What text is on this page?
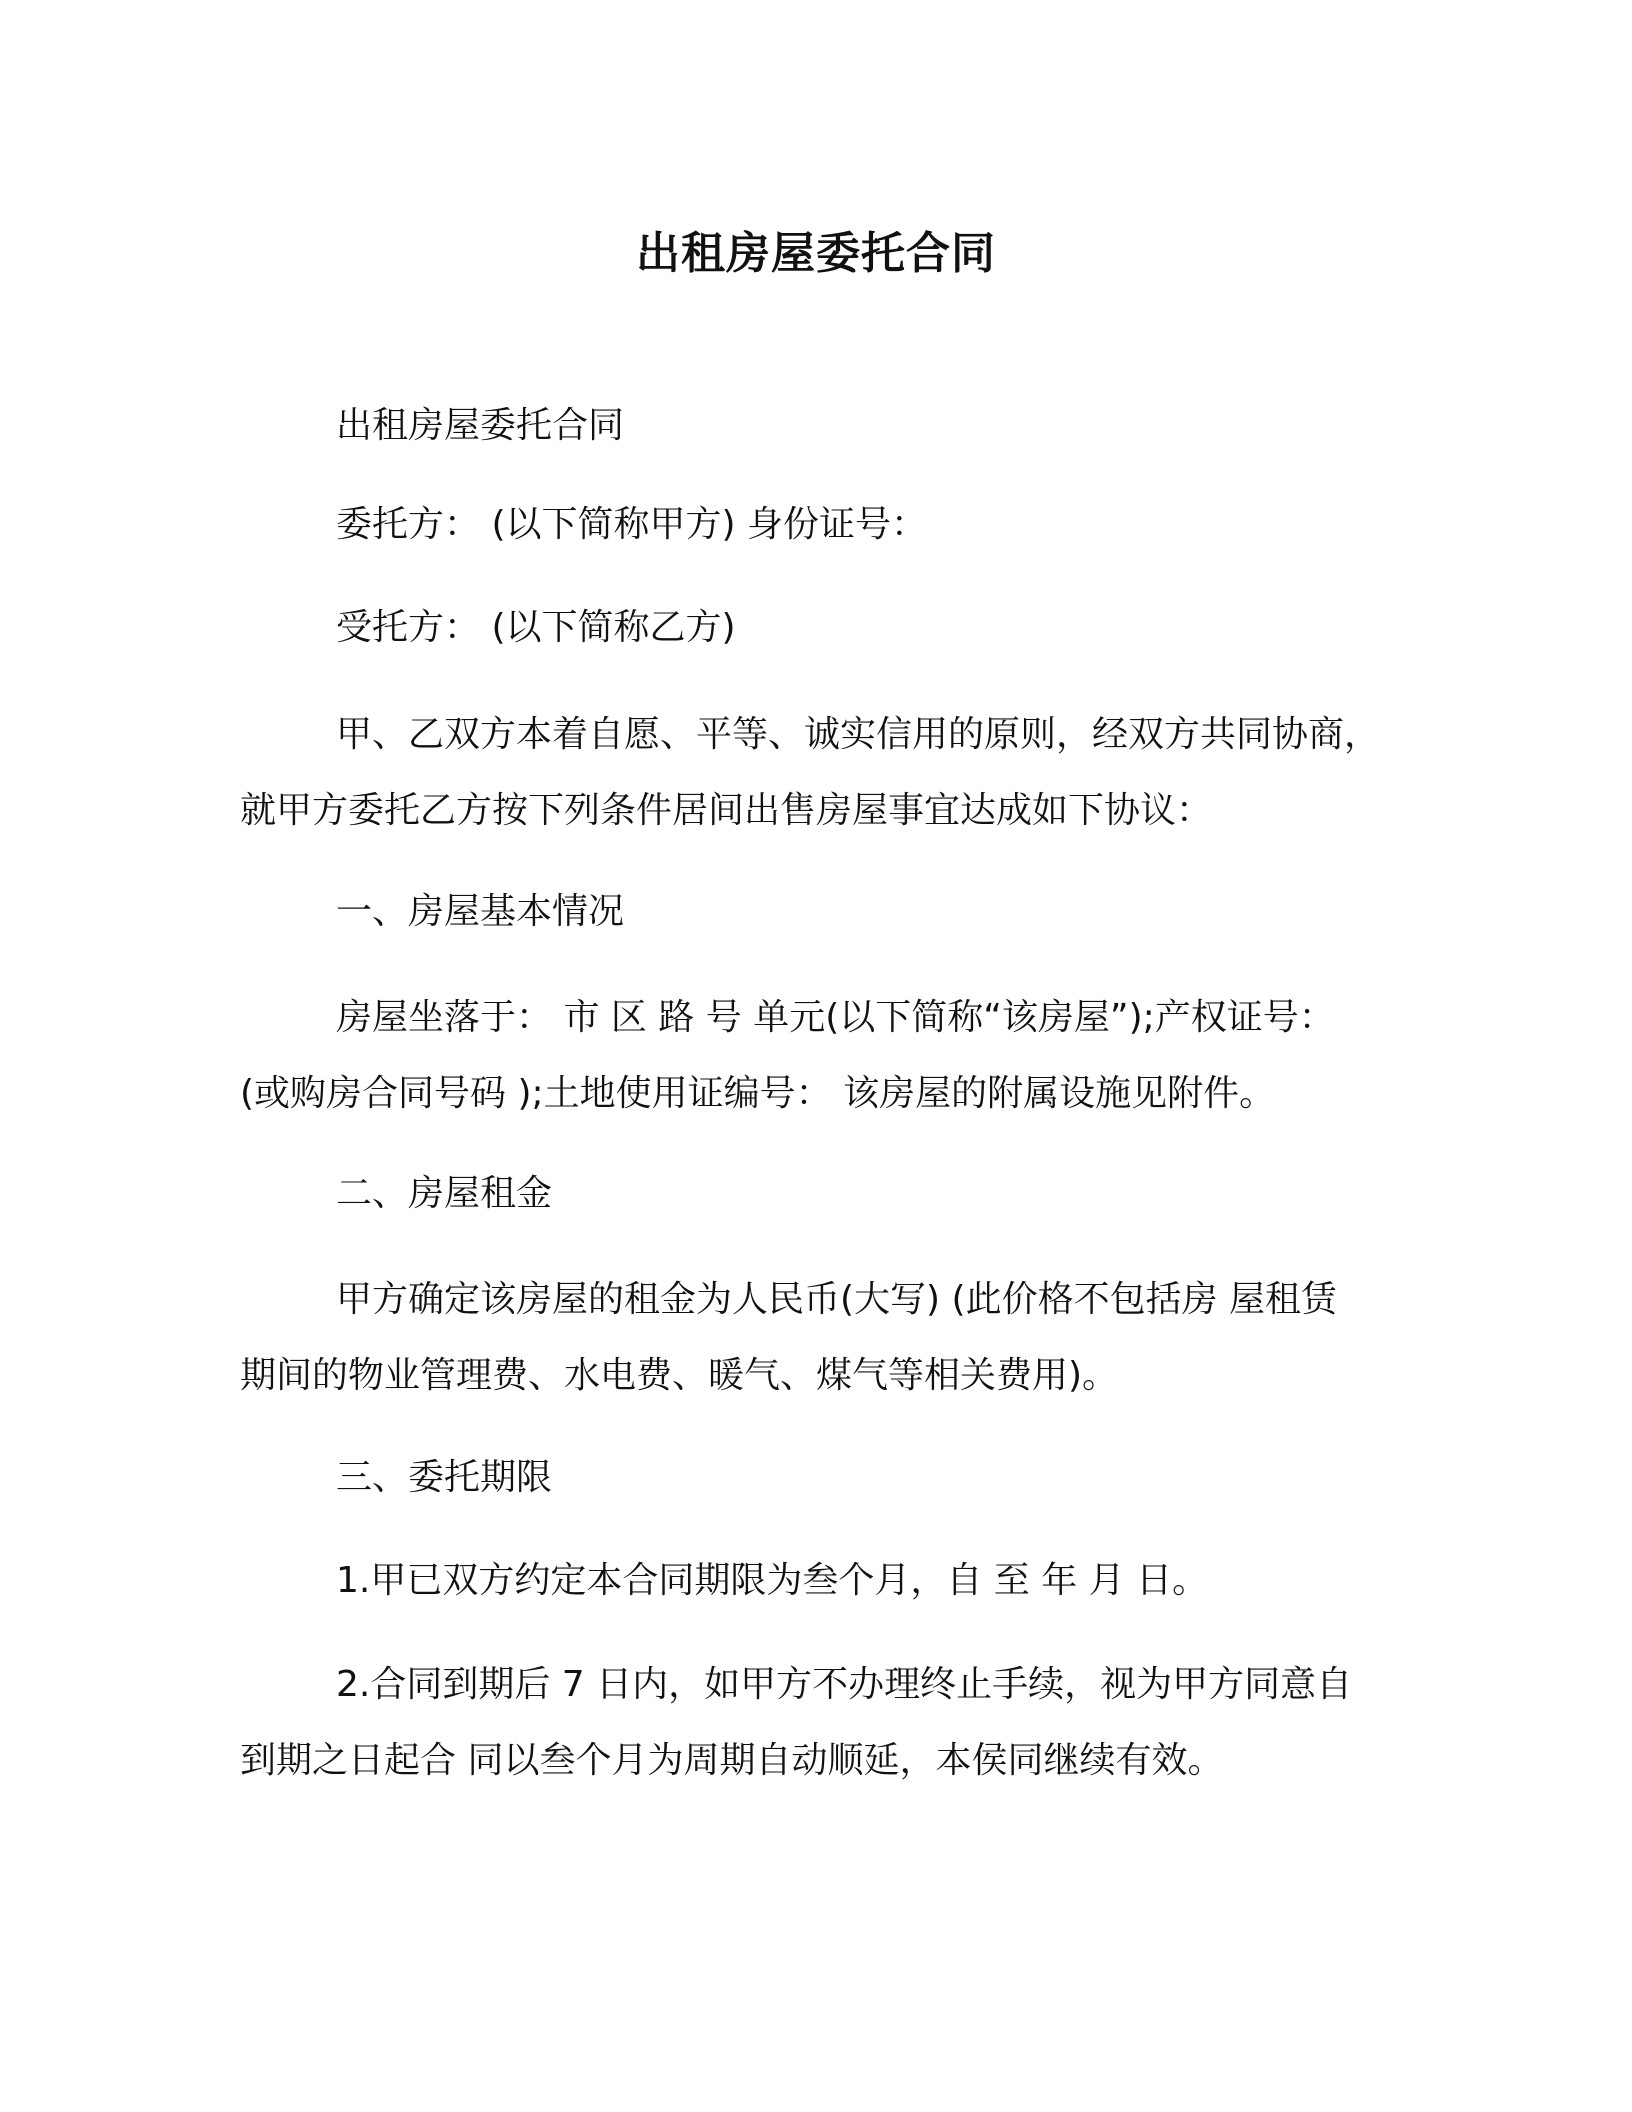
出租房屋委托合同
出租房屋委托合同
委托方： (以下简称甲方) 身份证号：
受托方： (以下简称乙方)
甲、乙双方本着自愿、平等、诚实信用的原则，经双方共同协商，
就甲方委托乙方按下列条件居间出售房屋事宜达成如下协议：
一、房屋基本情况
房屋坐落于： 市 区 路 号 单元(以下简称“该房屋”);产权证号：
(或购房合同号码 );土地使用证编号： 该房屋的附属设施见附件。
二、房屋租金
甲方确定该房屋的租金为人民币(大写) (此价格不包括房 屋租赁
期间的物业管理费、水电费、暖气、煤气等相关费用)。
三、委托期限
1.甲已双方约定本合同期限为叁个月，自 至 年 月 日。
2.合同到期后 7 日内，如甲方不办理终止手续，视为甲方同意自
到期之日起合 同以叁个月为周期自动顺延，本侯同继续有效。
